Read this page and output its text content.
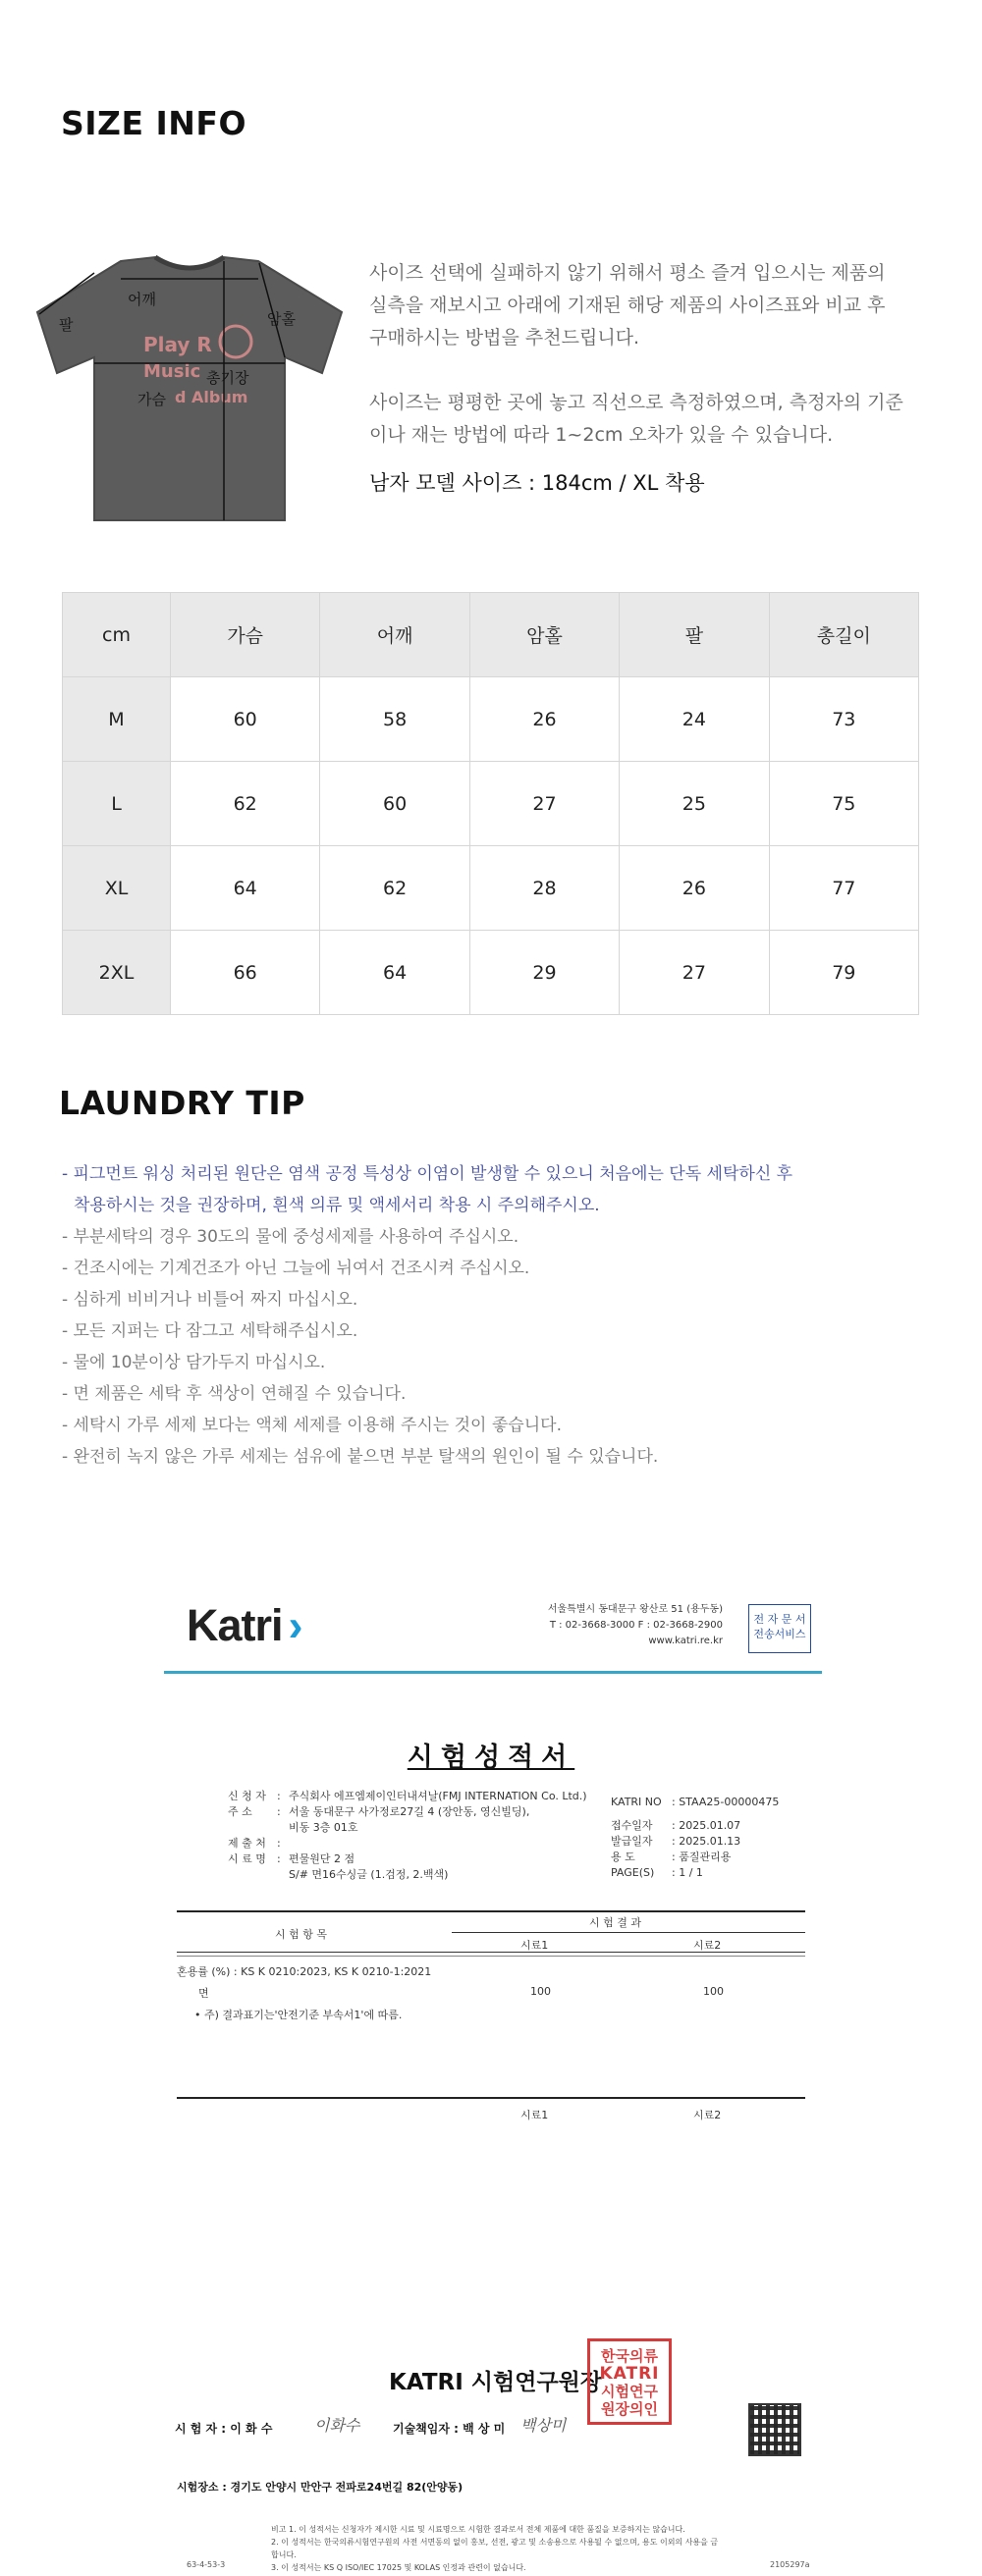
SIZE INFO
Play R
Music
d Album
팔
어깨
암홀
가슴
총기장

사이즈 선택에 실패하지 않기 위해서 평소 즐겨 입으시는 제품의

실측을 재보시고 아래에 기재된 해당 제품의 사이즈표와 비교 후

구매하시는 방법을 추천드립니다.

사이즈는 평평한 곳에 놓고 직선으로 측정하였으며, 측정자의 기준

이나 재는 방법에 따라 1~2cm 오차가 있을 수 있습니다.

남자 모델 사이즈 : 184cm / XL 착용
cm	가슴	어깨	암홀	팔	총길이
M	60	58	26	24	73
L	62	60	27	25	75
XL	64	62	28	26	77
2XL	66	64	29	27	79
LAUNDRY TIP
- 피그먼트 워싱 처리된 원단은 염색 공정 특성상 이염이 발생할 수 있으니 처음에는 단독 세탁하신 후
착용하시는 것을 권장하며, 흰색 의류 및 액세서리 착용 시 주의해주시오.
- 부분세탁의 경우 30도의 물에 중성세제를 사용하여 주십시오.
- 건조시에는 기계건조가 아닌 그늘에 뉘여서 건조시켜 주십시오.
- 심하게 비비거나 비틀어 짜지 마십시오.
- 모든 지퍼는 다 잠그고 세탁해주십시오.
- 물에 10분이상 담가두지 마십시오.
- 면 제품은 세탁 후 색상이 연해질 수 있습니다.
- 세탁시 가루 세제 보다는 액체 세제를 이용해 주시는 것이 좋습니다.
- 완전히 녹지 않은 가루 세제는 섬유에 붙으면 부분 탈색의 원인이 될 수 있습니다.
Katri ›	서울특별시 동대문구 왕산로 51 (용두동)
T : 02-3668-3000 F : 02-3668-2900
www.katri.re.kr
전 자 문 서
전송서비스
시험성적서
신 청 자	: 주식회사 에프엠제이인터내셔날(FMJ INTERNATION Co. Ltd.)
주 소	: 서울 동대문구 사가정로27길 4 (장안동, 영신빌딩),
비동 3층 01호
제 출 처	:
시 료 명	: 편물원단 2 점
S/# 면16수싱글 (1.검정, 2.백색)
KATRI NO : STAA25-00000475
접수일자	: 2025.01.07
발급일자	: 2025.01.13
용 도	: 품질관리용
PAGE(S)	: 1 / 1
시 험 항 목
시 험 결 과
시료1	시료2
혼용률 (%) : KS K 0210:2023, KS K 0210-1:2021
면	100	100
• 주) 결과표기는'안전기준 부속서1'에 따름.
시료1	시료2
KATRI 시험연구원장
한국의류
KATRI
시험연구
원장의인
시 험 자 : 이 화 수	이화수	기술책임자 : 백 상 미 백상미
시험장소 : 경기도 안양시 만안구 전파로24번길 82(안양동)
비고 1. 이 성적서는 신청자가 제시한 시료 및 시료명으로 시험한 결과로서 전체 제품에 대한 품질을 보증하지는 않습니다.
2. 이 성적서는 한국의류시험연구원의 사전 서면동의 없이 홍보, 선전, 광고 및 소송용으로 사용될 수 없으며, 용도 이외의 사용을 금합니다.
3. 이 성적서는 KS Q ISO/IEC 17025 및 KOLAS 인정과 관련이 없습니다.
63-4-53-3	2105297a
